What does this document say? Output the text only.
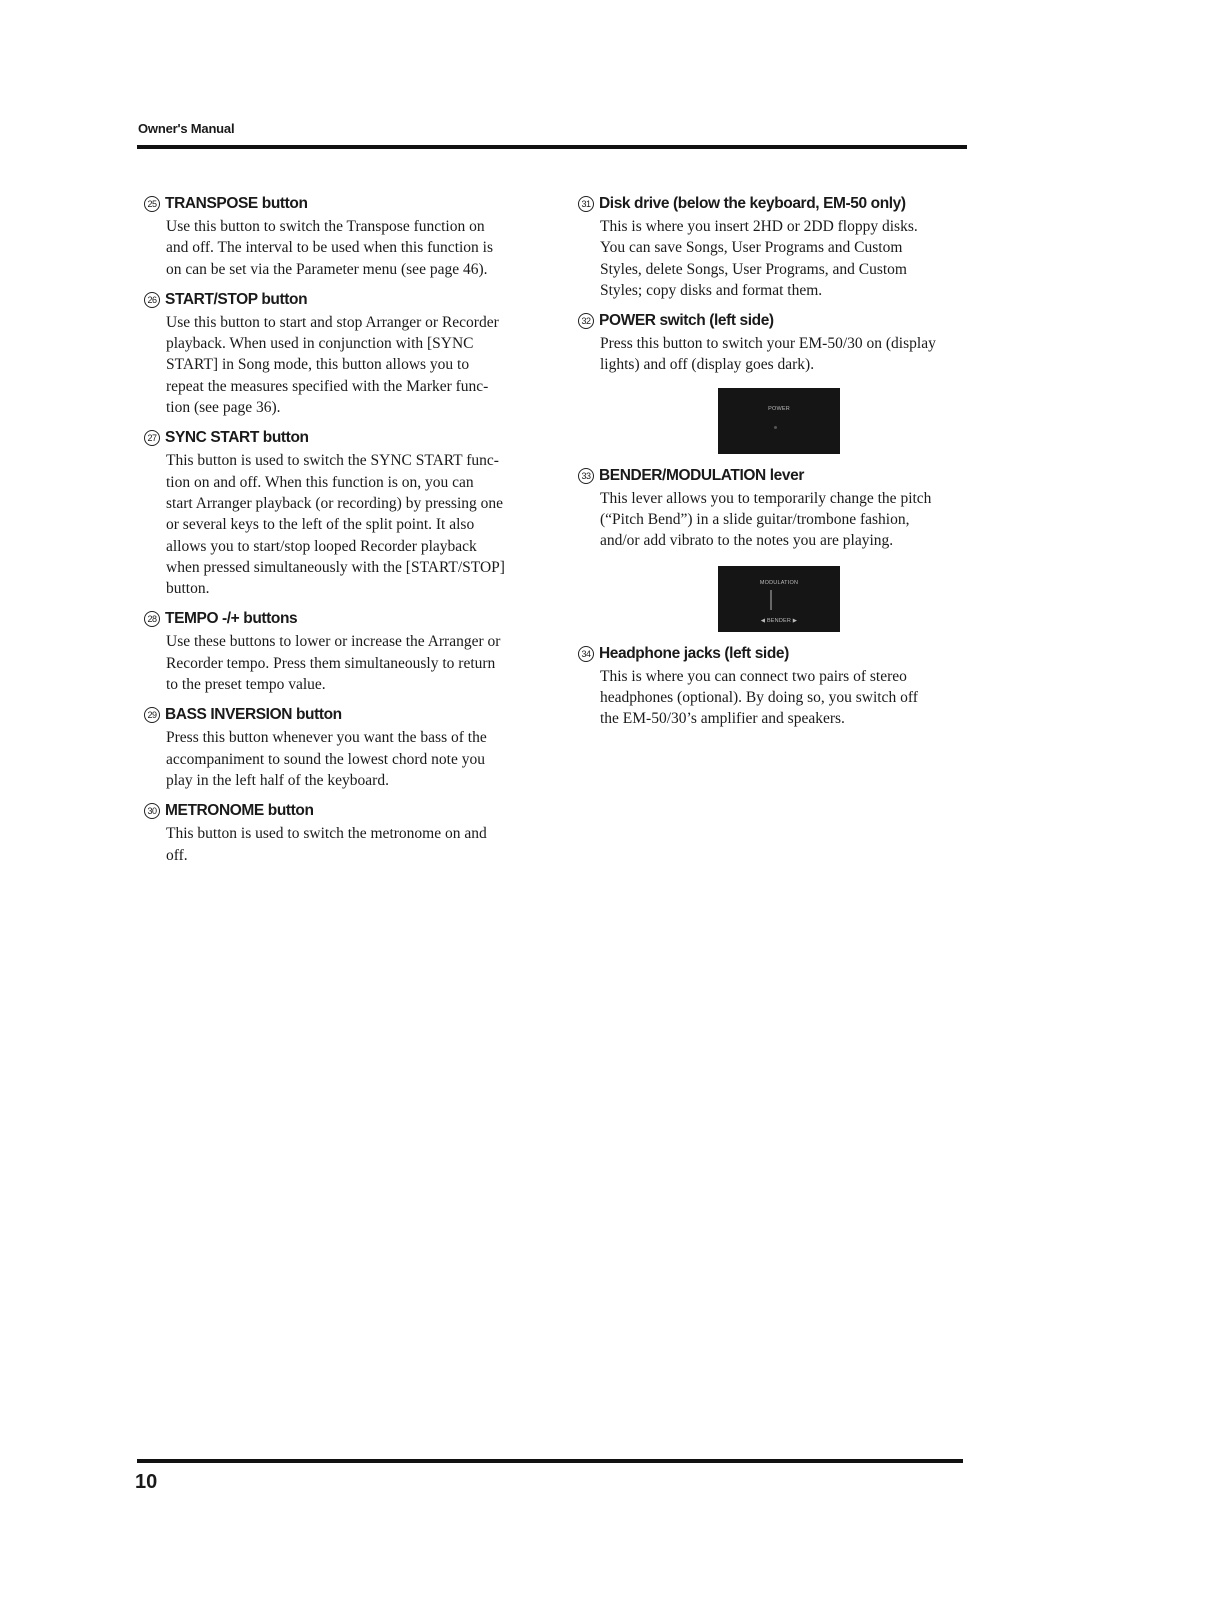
Owner's Manual
25 TRANSPOSE button
Use this button to switch the Transpose function on
and off. The interval to be used when this function is
on can be set via the Parameter menu (see page 46).
26 START/STOP button
Use this button to start and stop Arranger or Recorder
playback. When used in conjunction with [SYNC
START] in Song mode, this button allows you to
repeat the measures specified with the Marker func-
tion (see page 36).
27 SYNC START button
This button is used to switch the SYNC START func-
tion on and off. When this function is on, you can
start Arranger playback (or recording) by pressing one
or several keys to the left of the split point. It also
allows you to start/stop looped Recorder playback
when pressed simultaneously with the [START/STOP]
button.
28 TEMPO -/+ buttons
Use these buttons to lower or increase the Arranger or
Recorder tempo. Press them simultaneously to return
to the preset tempo value.
29 BASS INVERSION button
Press this button whenever you want the bass of the
accompaniment to sound the lowest chord note you
play in the left half of the keyboard.
30 METRONOME button
This button is used to switch the metronome on and
off.
31 Disk drive (below the keyboard, EM-50 only)
This is where you insert 2HD or 2DD floppy disks.
You can save Songs, User Programs and Custom
Styles, delete Songs, User Programs, and Custom
Styles; copy disks and format them.
32 POWER switch (left side)
Press this button to switch your EM-50/30 on (display
lights) and off (display goes dark).
POWER
33 BENDER/MODULATION lever
This lever allows you to temporarily change the pitch
(“Pitch Bend”) in a slide guitar/trombone fashion,
and/or add vibrato to the notes you are playing.
MODULATION
◀ BENDER ▶
34 Headphone jacks (left side)
This is where you can connect two pairs of stereo
headphones (optional). By doing so, you switch off
the EM-50/30’s amplifier and speakers.
10
